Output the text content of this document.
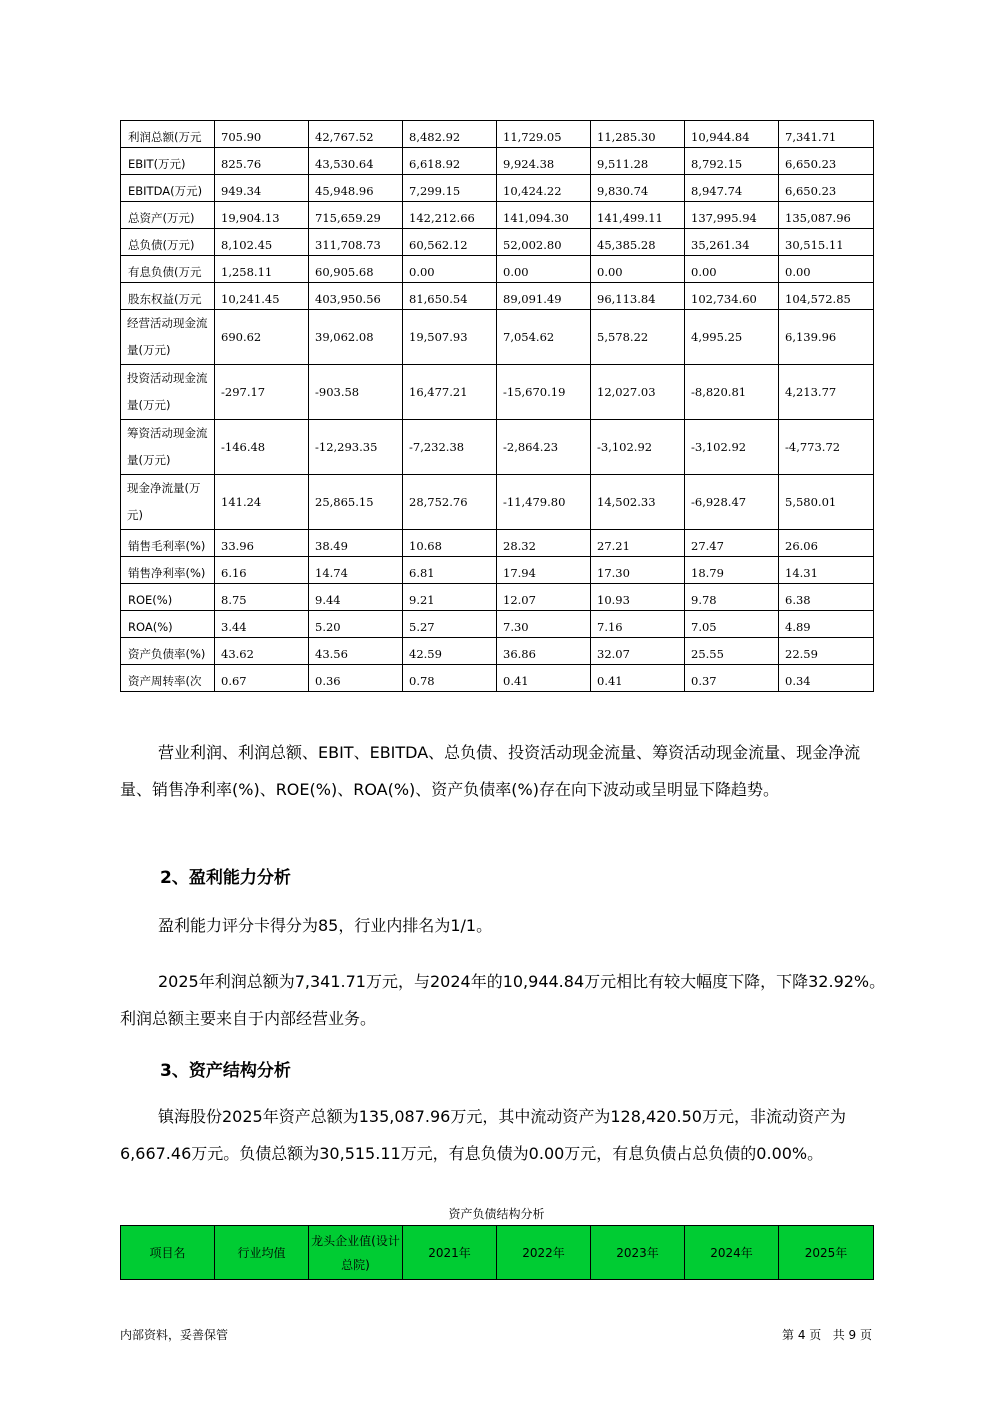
利润总额(万元	705.90	42,767.52	8,482.92	11,729.05	11,285.30	10,944.84	7,341.71
EBIT(万元)	825.76	43,530.64	6,618.92	9,924.38	9,511.28	8,792.15	6,650.23
EBITDA(万元)	949.34	45,948.96	7,299.15	10,424.22	9,830.74	8,947.74	6,650.23
总资产(万元)	19,904.13	715,659.29	142,212.66	141,094.30	141,499.11	137,995.94	135,087.96
总负债(万元)	8,102.45	311,708.73	60,562.12	52,002.80	45,385.28	35,261.34	30,515.11
有息负债(万元	1,258.11	60,905.68	0.00	0.00	0.00	0.00	0.00
股东权益(万元	10,241.45	403,950.56	81,650.54	89,091.49	96,113.84	102,734.60	104,572.85
经营活动现金流量(万元)	690.62	39,062.08	19,507.93	7,054.62	5,578.22	4,995.25	6,139.96
投资活动现金流量(万元)	-297.17	-903.58	16,477.21	-15,670.19	12,027.03	-8,820.81	4,213.77
筹资活动现金流量(万元)	-146.48	-12,293.35	-7,232.38	-2,864.23	-3,102.92	-3,102.92	-4,773.72
现金净流量(万元)	141.24	25,865.15	28,752.76	-11,479.80	14,502.33	-6,928.47	5,580.01
销售毛利率(%)	33.96	38.49	10.68	28.32	27.21	27.47	26.06
销售净利率(%)	6.16	14.74	6.81	17.94	17.30	18.79	14.31
ROE(%)	8.75	9.44	9.21	12.07	10.93	9.78	6.38
ROA(%)	3.44	5.20	5.27	7.30	7.16	7.05	4.89
资产负债率(%)	43.62	43.56	42.59	36.86	32.07	25.55	22.59
资产周转率(次	0.67	0.36	0.78	0.41	0.41	0.37	0.34
营业利润、利润总额、EBIT、EBITDA、总负债、投资活动现金流量、筹资活动现金流量、现金净流量、销售净利率(%)、ROE(%)、ROA(%)、资产负债率(%)存在向下波动或呈明显下降趋势。
2、盈利能力分析
盈利能力评分卡得分为85，行业内排名为1/1。
2025年利润总额为7,341.71万元，与2024年的10,944.84万元相比有较大幅度下降，下降32.92%。利润总额主要来自于内部经营业务。
3、资产结构分析
镇海股份2025年资产总额为135,087.96万元，其中流动资产为128,420.50万元，非流动资产为6,667.46万元。负债总额为30,515.11万元，有息负债为0.00万元，有息负债占总负债的0.00%。
资产负债结构分析
项目名	行业均值	龙头企业值(设计总院)	2021年	2022年	2023年	2024年	2025年
内部资料，妥善保管	第 4 页   共 9 页
